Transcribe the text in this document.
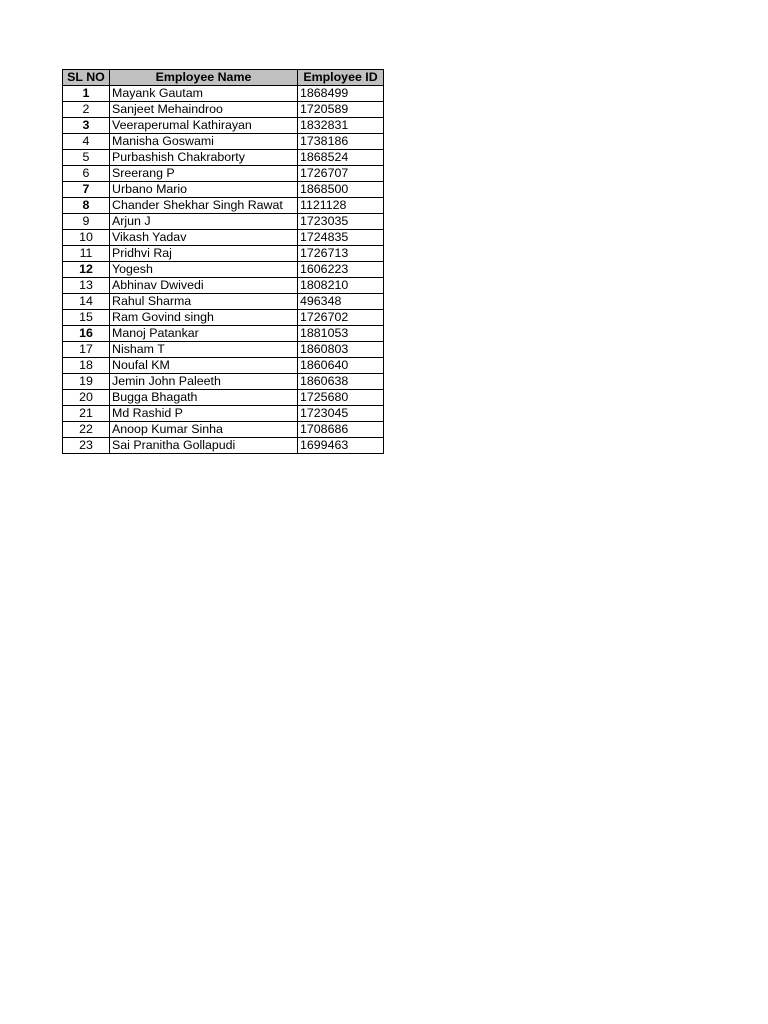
SL NO	Employee Name	Employee ID
1	Mayank Gautam	1868499
2	Sanjeet Mehaindroo	1720589
3	Veeraperumal Kathirayan	1832831
4	Manisha Goswami	1738186
5	Purbashish Chakraborty	1868524
6	Sreerang P	1726707
7	Urbano Mario	1868500
8	Chander Shekhar Singh Rawat	1121128
9	Arjun J	1723035
10	Vikash Yadav	1724835
11	Pridhvi Raj	1726713
12	Yogesh	1606223
13	Abhinav Dwivedi	1808210
14	Rahul Sharma	496348
15	Ram Govind singh	1726702
16	Manoj Patankar	1881053
17	Nisham T	1860803
18	Noufal KM	1860640
19	Jemin John Paleeth	1860638
20	Bugga Bhagath	1725680
21	Md Rashid P	1723045
22	Anoop Kumar Sinha	1708686
23	Sai Pranitha Gollapudi	1699463
